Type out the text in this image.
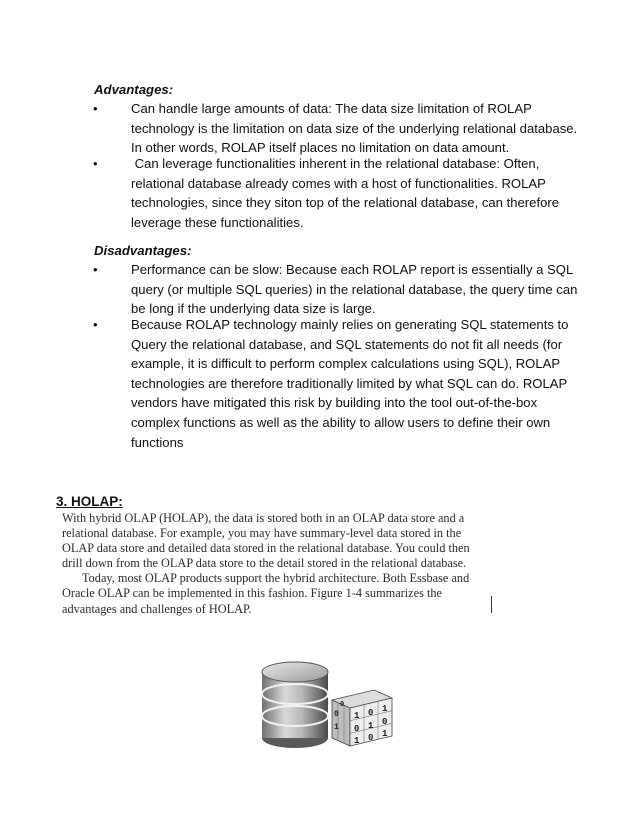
Advantages:
•	Can handle large amounts of data: The data size limitation of ROLAP
technology is the limitation on data size of the underlying relational database.
In other words, ROLAP itself places no limitation on data amount.
•	Can leverage functionalities inherent in the relational database: Often,
relational database already comes with a host of functionalities. ROLAP
technologies, since they siton top of the relational database, can therefore
leverage these functionalities.
Disadvantages:
•	Performance can be slow: Because each ROLAP report is essentially a SQL
query (or multiple SQL queries) in the relational database, the query time can
be long if the underlying data size is large.
•	Because ROLAP technology mainly relies on generating SQL statements to
Query the relational database, and SQL statements do not fit all needs (for
example, it is difficult to perform complex calculations using SQL), ROLAP
technologies are therefore traditionally limited by what SQL can do. ROLAP
vendors have mitigated this risk by building into the tool out-of-the-box
complex functions as well as the ability to allow users to define their own
functions
3. HOLAP:
With hybrid OLAP (HOLAP), the data is stored both in an OLAP data store and a
relational database. For example, you may have summary-level data stored in the
OLAP data store and detailed data stored in the relational database. You could then
drill down from the OLAP data store to the detail stored in the relational database.
Today, most OLAP products support the hybrid architecture. Both Essbase and
Oracle OLAP can be implemented in this fashion. Figure 1-4 summarizes the
advantages and challenges of HOLAP.
1 0 1
0 1 0
1 0 1
0
1
0
